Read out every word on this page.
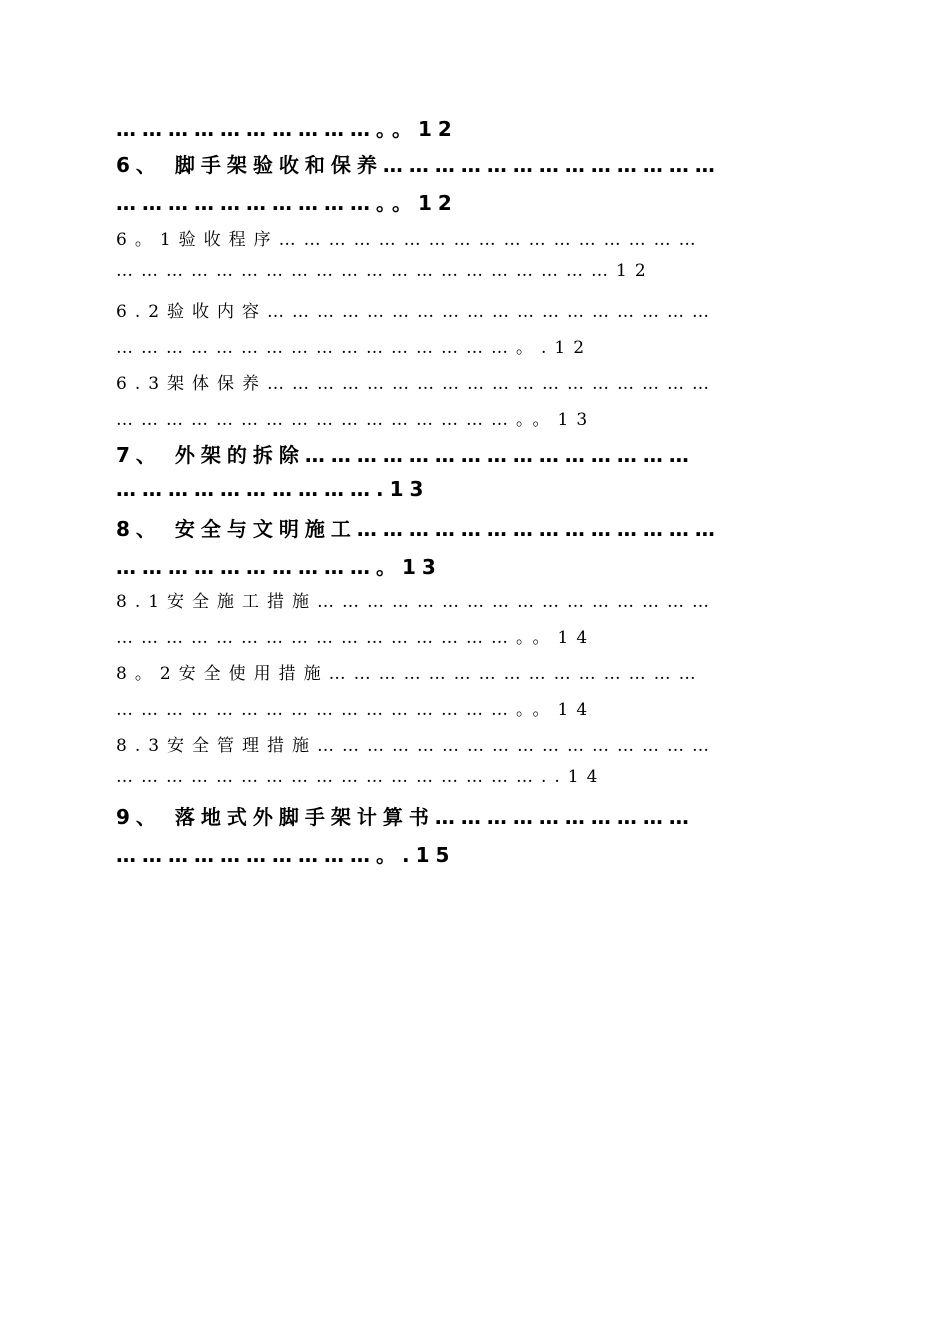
…………………………。。12
6、 脚手架验收和保养…………………………………
…………………………。。12
6。1验收程序……………………………………………
……………………………………………………12
6.2验收内容………………………………………………
…………………………………………。.12
6.3架体保养………………………………………………
…………………………………………。。13
7、 外架的拆除………………………………………
………………………….13
8、 安全与文明施工……………………………………
…………………………。13
8.1安全施工措施…………………………………………
…………………………………………。。14
8。2安全使用措施………………………………………
…………………………………………。。14
8.3安全管理措施…………………………………………
……………………………………………..14
9、 落地式外脚手架计算书…………………………
…………………………。.15
